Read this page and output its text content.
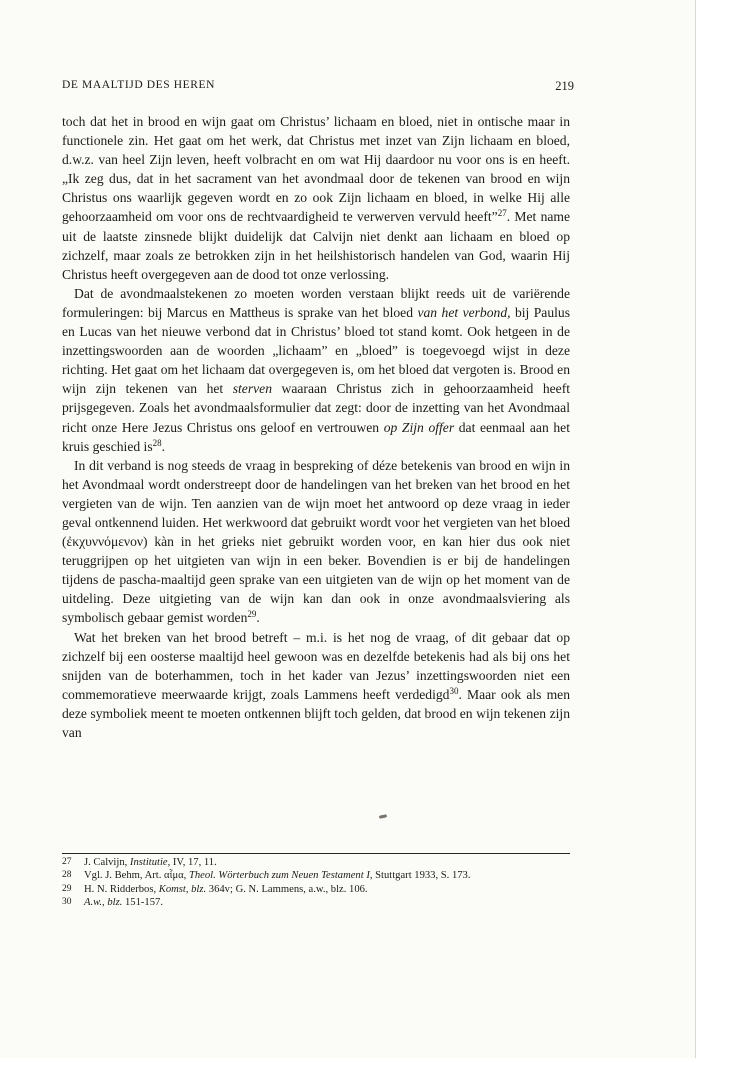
DE MAALTIJD DES HEREN	219

toch dat het in brood en wijn gaat om Christus’ lichaam en bloed, niet in ontische maar in functionele zin. Het gaat om het werk, dat Christus met inzet van Zijn lichaam en bloed, d.w.z. van heel Zijn leven, heeft volbracht en om wat Hij daardoor nu voor ons is en heeft. „Ik zeg dus, dat in het sacrament van het avondmaal door de tekenen van brood en wijn Christus ons waarlijk gegeven wordt en zo ook Zijn lichaam en bloed, in welke Hij alle gehoorzaamheid om voor ons de rechtvaardigheid te verwerven vervuld heeft”$^{27}$. Met name uit de laatste zinsnede blijkt duidelijk dat Calvijn niet denkt aan lichaam en bloed op zichzelf, maar zoals ze betrokken zijn in het heilshistorisch handelen van God, waarin Hij Christus heeft overgegeven aan de dood tot onze verlossing.

Dat de avondmaalstekenen zo moeten worden verstaan blijkt reeds uit de variërende formuleringen: bij Marcus en Mattheus is sprake van het bloed van het verbond, bij Paulus en Lucas van het nieuwe verbond dat in Christus’ bloed tot stand komt. Ook hetgeen in de inzettingswoorden aan de woorden „lichaam” en „bloed” is toegevoegd wijst in deze richting. Het gaat om het lichaam dat overgegeven is, om het bloed dat vergoten is. Brood en wijn zijn tekenen van het sterven waaraan Christus zich in gehoorzaamheid heeft prijsgegeven. Zoals het avondmaalsformulier dat zegt: door de inzetting van het Avondmaal richt onze Here Jezus Christus ons geloof en vertrouwen op Zijn offer dat eenmaal aan het kruis geschied $is^{28}$.

In dit verband is nog steeds de vraag in bespreking of déze betekenis van brood en wijn in het Avondmaal wordt onderstreept door de handelingen van het breken van het brood en het vergieten van de wijn. Ten aanzien van de wijn moet het antwoord op deze vraag in ieder geval ontkennend luiden. Het werkwoord dat gebruikt wordt voor het vergieten van het bloed (ἐκχυννόμενον) kàn in het grieks niet gebruikt worden voor, en kan hier dus ook niet teruggrijpen op het uitgieten van wijn in een beker. Bovendien is er bij de handelingen tijdens de pascha-maaltijd geen sprake van een uitgieten van de wijn op het moment van de uitdeling. Deze uitgieting van de wijn kan dan ook in onze avondmaalsviering als symbolisch gebaar gemist worden$^{29}$.

Wat het breken van het brood betreft – m.i. is het nog de vraag, of dit gebaar dat op zichzelf bij een oosterse maaltijd heel gewoon was en dezelfde betekenis had als bij ons het snijden van de boterhammen, toch in het kader van Jezus’ inzettingswoorden niet een commemoratieve meerwaarde krijgt, zoals Lammens heeft verdedigd$^{30}$. Maar ook als men deze symboliek meent te moeten ontkennen blijft toch gelden, dat brood en wijn tekenen zijn van

27	J. Calvijn, Institutie, IV, 17, 11.
28	Vgl. J. Behm, Art. αἷμα, Theol. Wörterbuch zum Neuen Testament I, Stuttgart 1933, S. 173.
29	H. N. Ridderbos, Komst, blz. 364v; G. N. Lammens, a.w., blz. 106.
30	A.w., blz. 151-157.
